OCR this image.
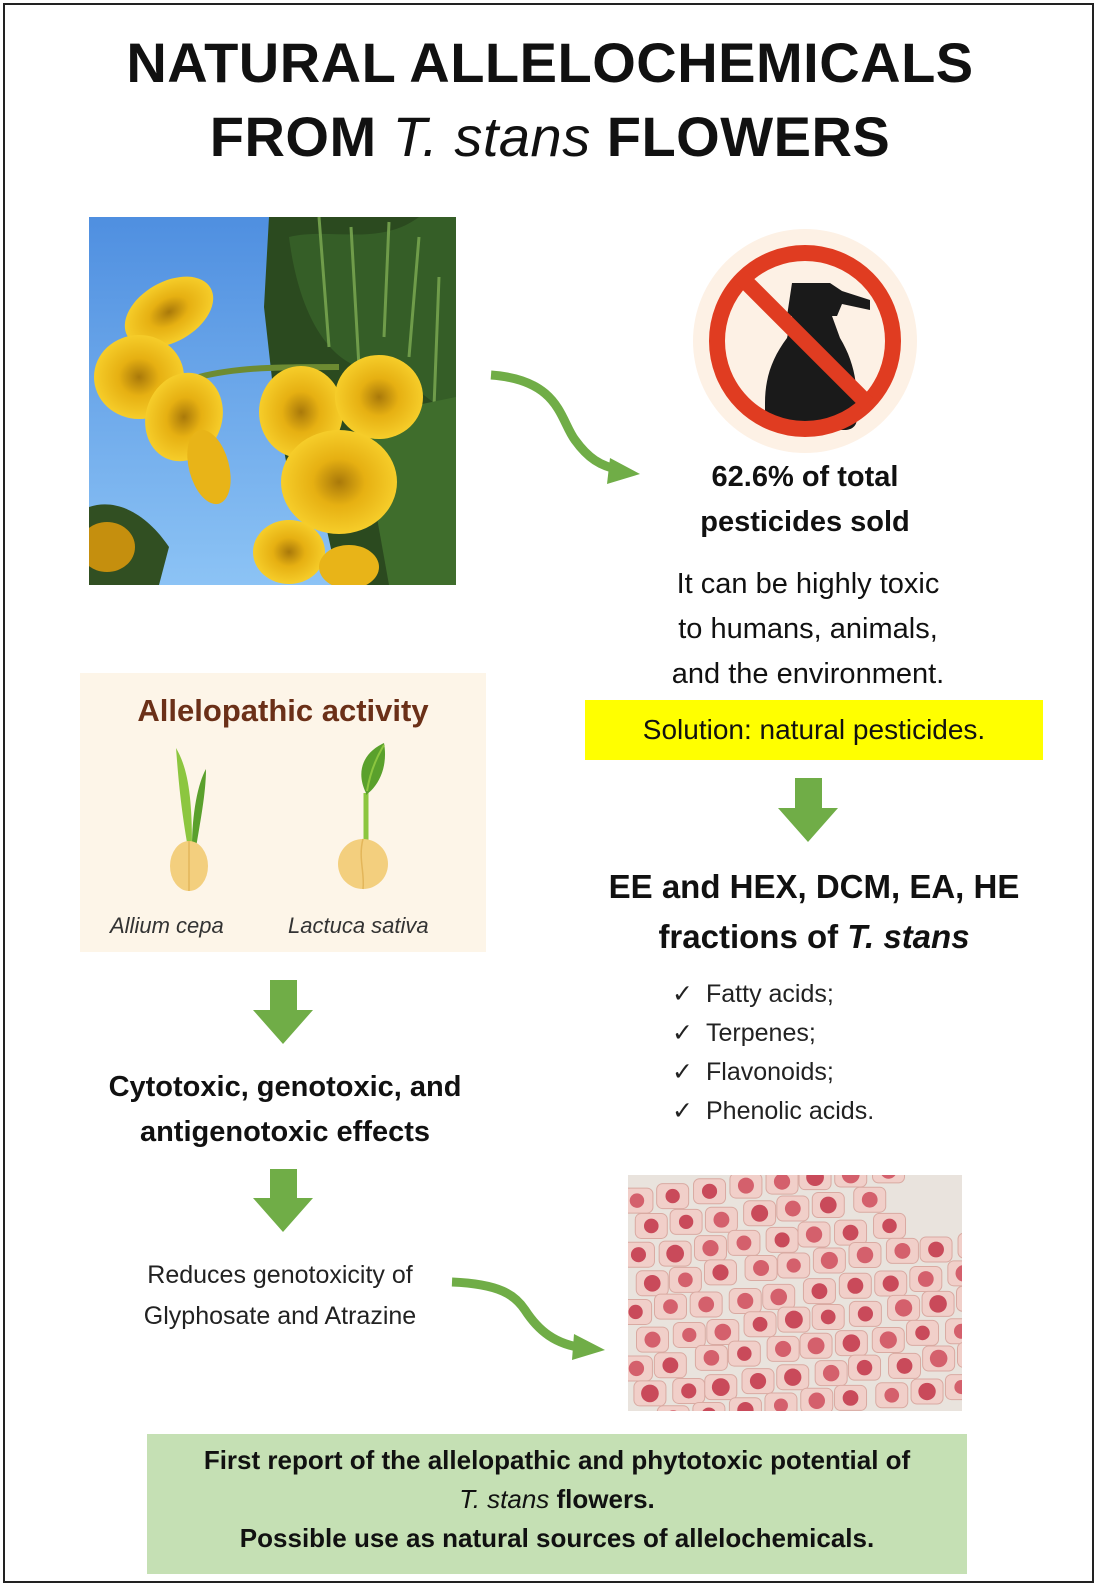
NATURAL ALLELOCHEMICALS
FROM T. stans FLOWERS
62.6% of total
pesticides sold
It can be highly toxic
to humans, animals,
and the environment.
Solution: natural pesticides.
Allelopathic activity
Allium cepa	Lactuca sativa
EE and HEX, DCM, EA, HE
fractions of T. stans
✓ Fatty acids;
✓ Terpenes;
✓ Flavonoids;
✓ Phenolic acids.
Cytotoxic, genotoxic, and
antigenotoxic effects
Reduces genotoxicity of
Glyphosate and Atrazine
First report of the allelopathic and phytotoxic potential of
T. stans flowers.
Possible use as natural sources of allelochemicals.
